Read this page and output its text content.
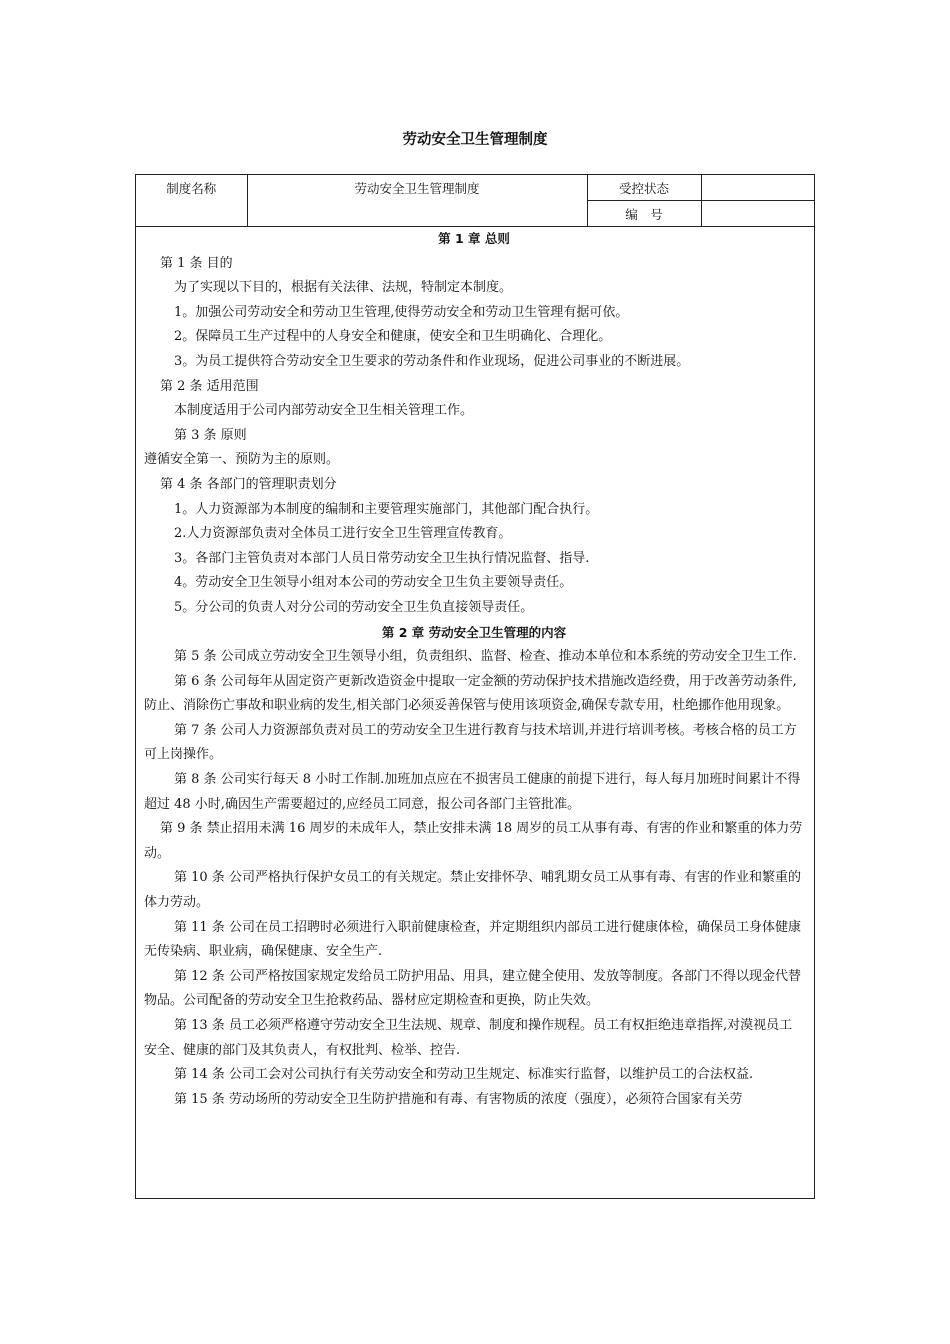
劳动安全卫生管理制度
制度名称	劳动安全卫生管理制度	受控状态	
		编　号	

第 1 章 总则

第 1 条 目的

为了实现以下目的，根据有关法律、法规，特制定本制度。

1。加强公司劳动安全和劳动卫生管理,使得劳动安全和劳动卫生管理有据可依。

2。保障员工生产过程中的人身安全和健康，使安全和卫生明确化、合理化。

3。为员工提供符合劳动安全卫生要求的劳动条件和作业现场，促进公司事业的不断进展。

第 2 条 适用范围

本制度适用于公司内部劳动安全卫生相关管理工作。

第 3 条 原则

遵循安全第一、预防为主的原则。

第 4 条 各部门的管理职责划分

1。人力资源部为本制度的编制和主要管理实施部门，其他部门配合执行。

2.人力资源部负责对全体员工进行安全卫生管理宣传教育。

3。各部门主管负责对本部门人员日常劳动安全卫生执行情况监督、指导.

4。劳动安全卫生领导小组对本公司的劳动安全卫生负主要领导责任。

5。分公司的负责人对分公司的劳动安全卫生负直接领导责任。

第 2 章 劳动安全卫生管理的内容

第 5 条 公司成立劳动安全卫生领导小组，负责组织、监督、检查、推动本单位和本系统的劳动安全卫生工作.

第 6 条 公司每年从固定资产更新改造资金中提取一定金额的劳动保护技术措施改造经费，用于改善劳动条件,防止、消除伤亡事故和职业病的发生,相关部门必须妥善保管与使用该项资金,确保专款专用，杜绝挪作他用现象。

第 7 条 公司人力资源部负责对员工的劳动安全卫生进行教育与技术培训,并进行培训考核。考核合格的员工方可上岗操作。

第 8 条 公司实行每天 8 小时工作制.加班加点应在不损害员工健康的前提下进行，每人每月加班时间累计不得超过 48 小时,确因生产需要超过的,应经员工同意，报公司各部门主管批准。

第 9 条 禁止招用未满 16 周岁的未成年人，禁止安排未满 18 周岁的员工从事有毒、有害的作业和繁重的体力劳动。

第 10 条 公司严格执行保护女员工的有关规定。禁止安排怀孕、哺乳期女员工从事有毒、有害的作业和繁重的体力劳动。

第 11 条 公司在员工招聘时必须进行入职前健康检查，并定期组织内部员工进行健康体检，确保员工身体健康无传染病、职业病，确保健康、安全生产.

第 12 条 公司严格按国家规定发给员工防护用品、用具，建立健全使用、发放等制度。各部门不得以现金代替物品。公司配备的劳动安全卫生抢救药品、器材应定期检查和更换，防止失效。

第 13 条 员工必须严格遵守劳动安全卫生法规、规章、制度和操作规程。员工有权拒绝违章指挥,对漠视员工安全、健康的部门及其负责人，有权批判、检举、控告.

第 14 条 公司工会对公司执行有关劳动安全和劳动卫生规定、标准实行监督，以维护员工的合法权益.

第 15 条 劳动场所的劳动安全卫生防护措施和有毒、有害物质的浓度（强度），必须符合国家有关劳
